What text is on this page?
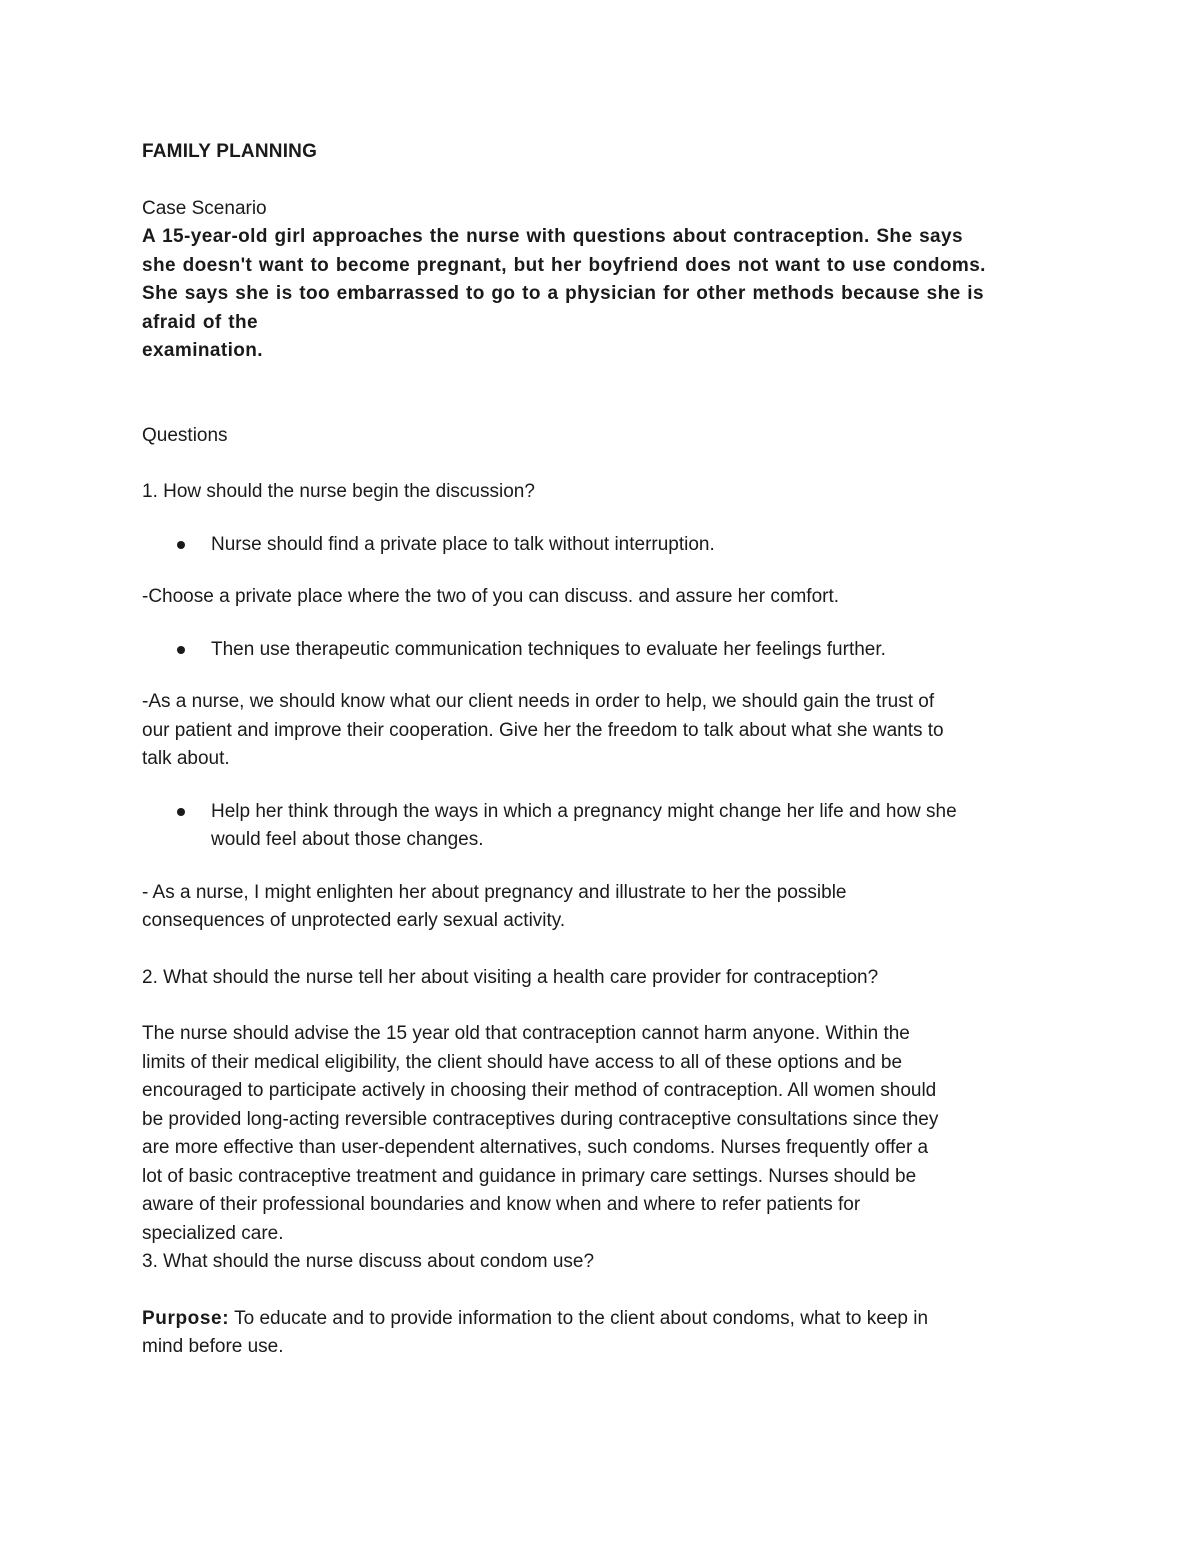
FAMILY PLANNING

Case Scenario

A 15-year-old girl approaches the nurse with questions about contraception. She says
she doesn't want to become pregnant, but her boyfriend does not want to use condoms.
She says she is too embarrassed to go to a physician for other methods because she is
afraid of the
examination.

Questions

1. How should the nurse begin the discussion?

Nurse should find a private place to talk without interruption.

-Choose a private place where the two of you can discuss. and assure her comfort.

Then use therapeutic communication techniques to evaluate her feelings further.
-As a nurse, we should know what our client needs in order to help, we should gain the trust of
our patient and improve their cooperation. Give her the freedom to talk about what she wants to
talk about.
Help her think through the ways in which a pregnancy might change her life and how she
would feel about those changes.
- As a nurse, I might enlighten her about pregnancy and illustrate to her the possible
consequences of unprotected early sexual activity.

2. What should the nurse tell her about visiting a health care provider for contraception?

The nurse should advise the 15 year old that contraception cannot harm anyone. Within the
limits of their medical eligibility, the client should have access to all of these options and be
encouraged to participate actively in choosing their method of contraception. All women should
be provided long-acting reversible contraceptives during contraceptive consultations since they
are more effective than user-dependent alternatives, such condoms. Nurses frequently offer a
lot of basic contraceptive treatment and guidance in primary care settings. Nurses should be
aware of their professional boundaries and know when and where to refer patients for
specialized care.

3. What should the nurse discuss about condom use?

Purpose: To educate and to provide information to the client about condoms, what to keep in
mind before use.
